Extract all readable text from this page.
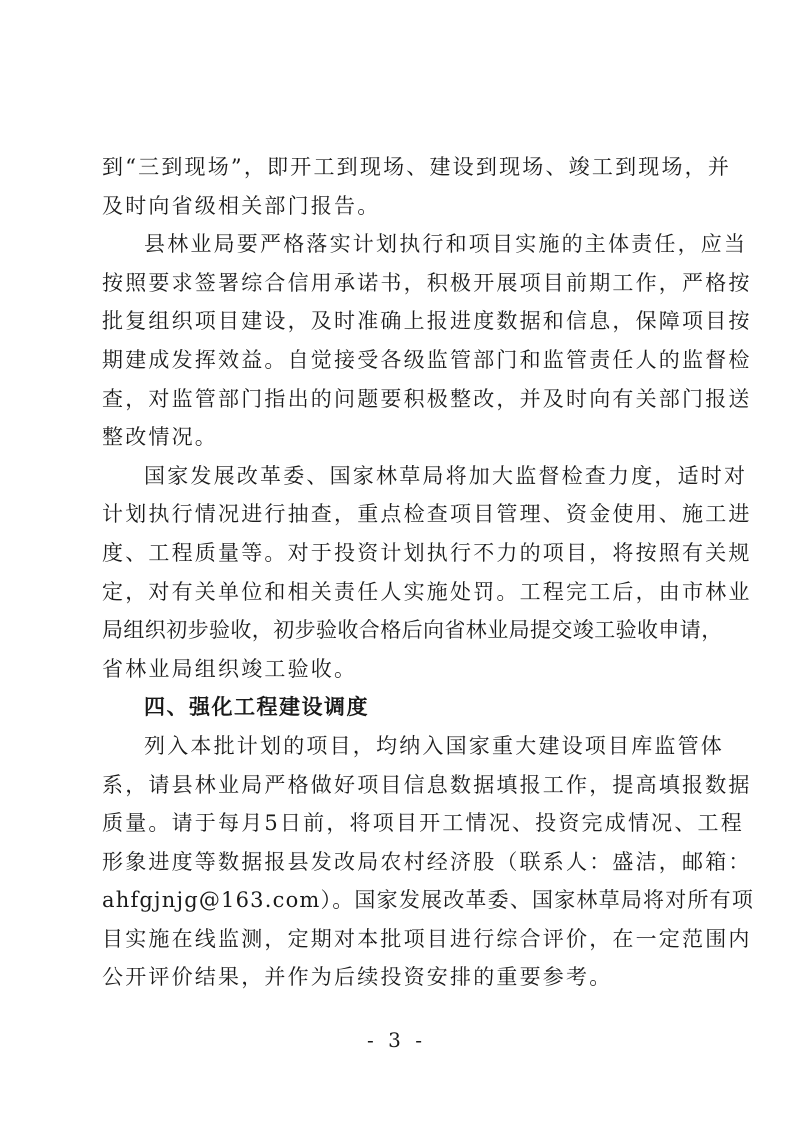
到“三到现场”，即开工到现场、建设到现场、竣工到现场，并
及时向省级相关部门报告。
县林业局要严格落实计划执行和项目实施的主体责任，应当
按照要求签署综合信用承诺书，积极开展项目前期工作，严格按
批复组织项目建设，及时准确上报进度数据和信息，保障项目按
期建成发挥效益。自觉接受各级监管部门和监管责任人的监督检
查，对监管部门指出的问题要积极整改，并及时向有关部门报送
整改情况。
国家发展改革委、国家林草局将加大监督检查力度，适时对
计划执行情况进行抽查，重点检查项目管理、资金使用、施工进
度、工程质量等。对于投资计划执行不力的项目，将按照有关规
定，对有关单位和相关责任人实施处罚。工程完工后，由市林业
局组织初步验收，初步验收合格后向省林业局提交竣工验收申请，
省林业局组织竣工验收。
四、强化工程建设调度
列入本批计划的项目，均纳入国家重大建设项目库监管体
系，请县林业局严格做好项目信息数据填报工作，提高填报数据
质量。请于每月5日前，将项目开工情况、投资完成情况、工程
形象进度等数据报县发改局农村经济股（联系人：盛洁，邮箱：
ahfgjnjg@163.com）。国家发展改革委、国家林草局将对所有项
目实施在线监测，定期对本批项目进行综合评价，在一定范围内
公开评价结果，并作为后续投资安排的重要参考。
- 3 -
